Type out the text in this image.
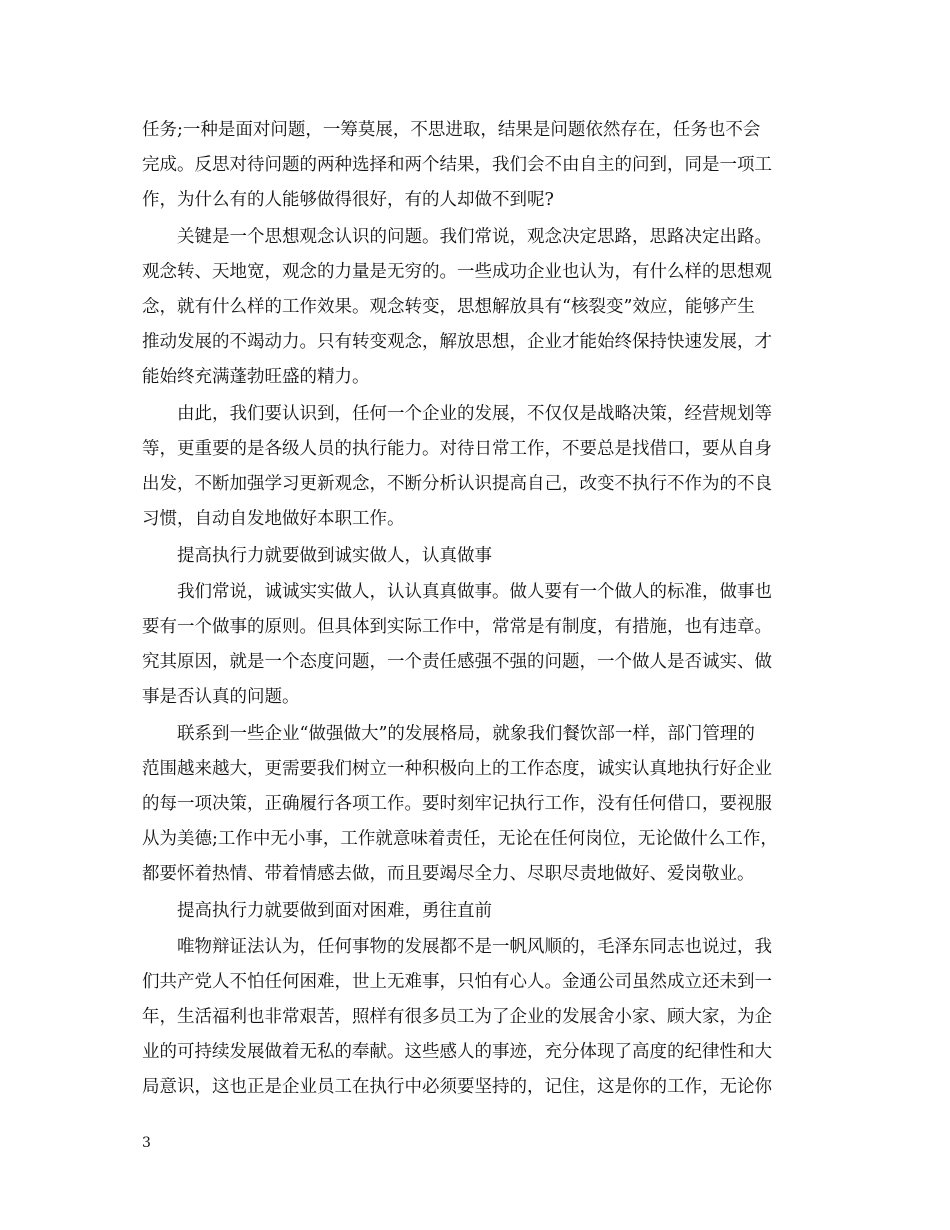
任务;一种是面对问题，一筹莫展，不思进取，结果是问题依然存在，任务也不会
完成。反思对待问题的两种选择和两个结果，我们会不由自主的问到，同是一项工
作，为什么有的人能够做得很好，有的人却做不到呢?
　　关键是一个思想观念认识的问题。我们常说，观念决定思路，思路决定出路。
观念转、天地宽，观念的力量是无穷的。一些成功企业也认为，有什么样的思想观
念，就有什么样的工作效果。观念转变，思想解放具有“核裂变”效应，能够产生
推动发展的不竭动力。只有转变观念，解放思想，企业才能始终保持快速发展，才
能始终充满蓬勃旺盛的精力。
　　由此，我们要认识到，任何一个企业的发展，不仅仅是战略决策，经营规划等
等，更重要的是各级人员的执行能力。对待日常工作，不要总是找借口，要从自身
出发，不断加强学习更新观念，不断分析认识提高自己，改变不执行不作为的不良
习惯，自动自发地做好本职工作。
　　提高执行力就要做到诚实做人，认真做事
　　我们常说，诚诚实实做人，认认真真做事。做人要有一个做人的标准，做事也
要有一个做事的原则。但具体到实际工作中，常常是有制度，有措施，也有违章。
究其原因，就是一个态度问题，一个责任感强不强的问题，一个做人是否诚实、做
事是否认真的问题。
　　联系到一些企业“做强做大”的发展格局，就象我们餐饮部一样，部门管理的
范围越来越大，更需要我们树立一种积极向上的工作态度，诚实认真地执行好企业
的每一项决策，正确履行各项工作。要时刻牢记执行工作，没有任何借口，要视服
从为美德;工作中无小事，工作就意味着责任，无论在任何岗位，无论做什么工作，
都要怀着热情、带着情感去做，而且要竭尽全力、尽职尽责地做好、爱岗敬业。
　　提高执行力就要做到面对困难，勇往直前
　　唯物辩证法认为，任何事物的发展都不是一帆风顺的，毛泽东同志也说过，我
们共产党人不怕任何困难，世上无难事，只怕有心人。金通公司虽然成立还未到一
年，生活福利也非常艰苦，照样有很多员工为了企业的发展舍小家、顾大家，为企
业的可持续发展做着无私的奉献。这些感人的事迹，充分体现了高度的纪律性和大
局意识，这也正是企业员工在执行中必须要坚持的，记住，这是你的工作，无论你
3
